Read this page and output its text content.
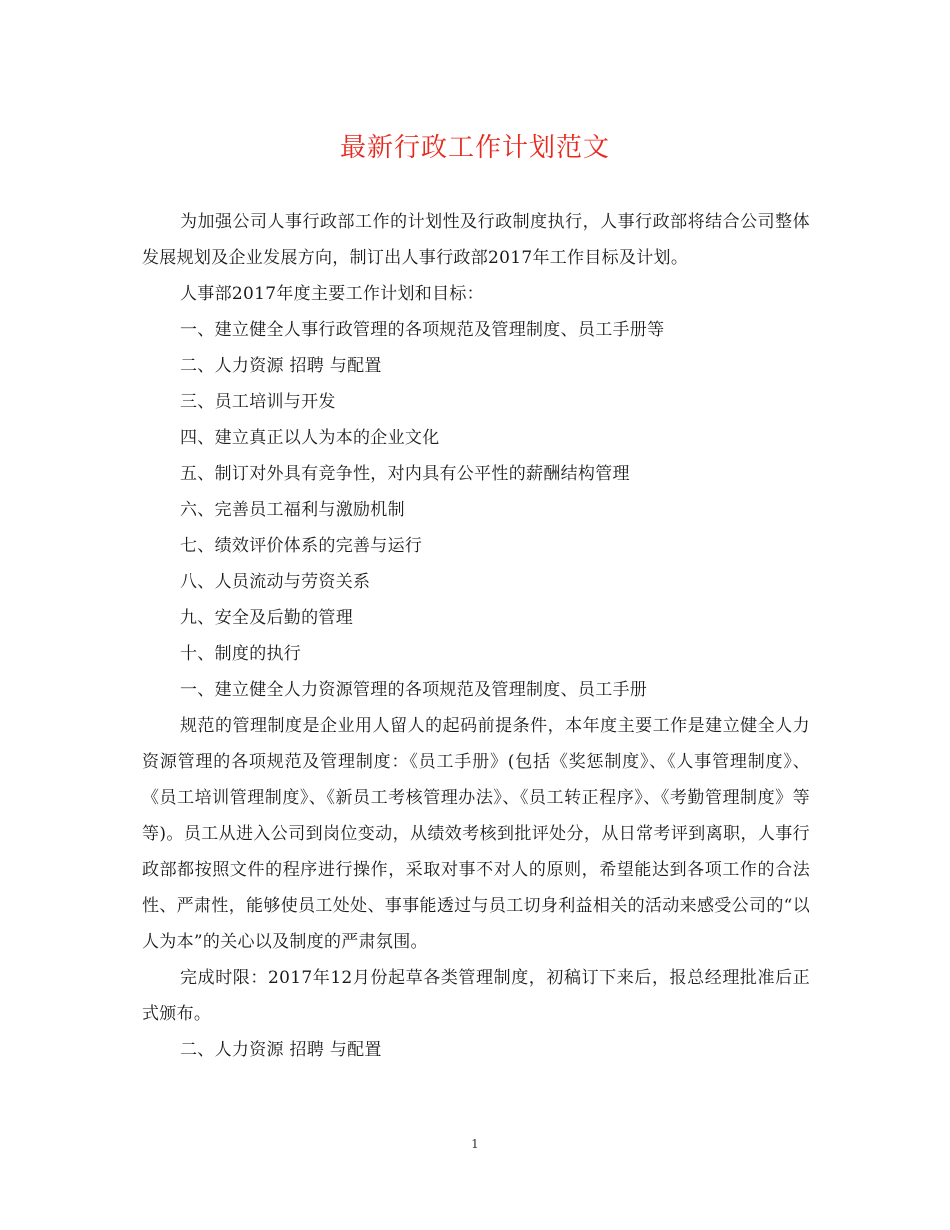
最新行政工作计划范文

为加强公司人事行政部工作的计划性及行政制度执行，人事行政部将结合公司整体发展规划及企业发展方向，制订出人事行政部2017年工作目标及计划。

人事部2017年度主要工作计划和目标：

一、建立健全人事行政管理的各项规范及管理制度、员工手册等

二、人力资源 招聘 与配置

三、员工培训与开发

四、建立真正以人为本的企业文化

五、制订对外具有竞争性，对内具有公平性的薪酬结构管理

六、完善员工福利与激励机制

七、绩效评价体系的完善与运行

八、人员流动与劳资关系

九、安全及后勤的管理

十、制度的执行

一、建立健全人力资源管理的各项规范及管理制度、员工手册

规范的管理制度是企业用人留人的起码前提条件，本年度主要工作是建立健全人力资源管理的各项规范及管理制度：《员工手册》(包括《奖惩制度》、《人事管理制度》、《员工培训管理制度》、《新员工考核管理办法》、《员工转正程序》、《考勤管理制度》等等)。员工从进入公司到岗位变动，从绩效考核到批评处分，从日常考评到离职，人事行政部都按照文件的程序进行操作，采取对事不对人的原则，希望能达到各项工作的合法性、严肃性，能够使员工处处、事事能透过与员工切身利益相关的活动来感受公司的“以人为本”的关心以及制度的严肃氛围。

完成时限：2017年12月份起草各类管理制度，初稿订下来后，报总经理批准后正式颁布。

二、人力资源 招聘 与配置

1
